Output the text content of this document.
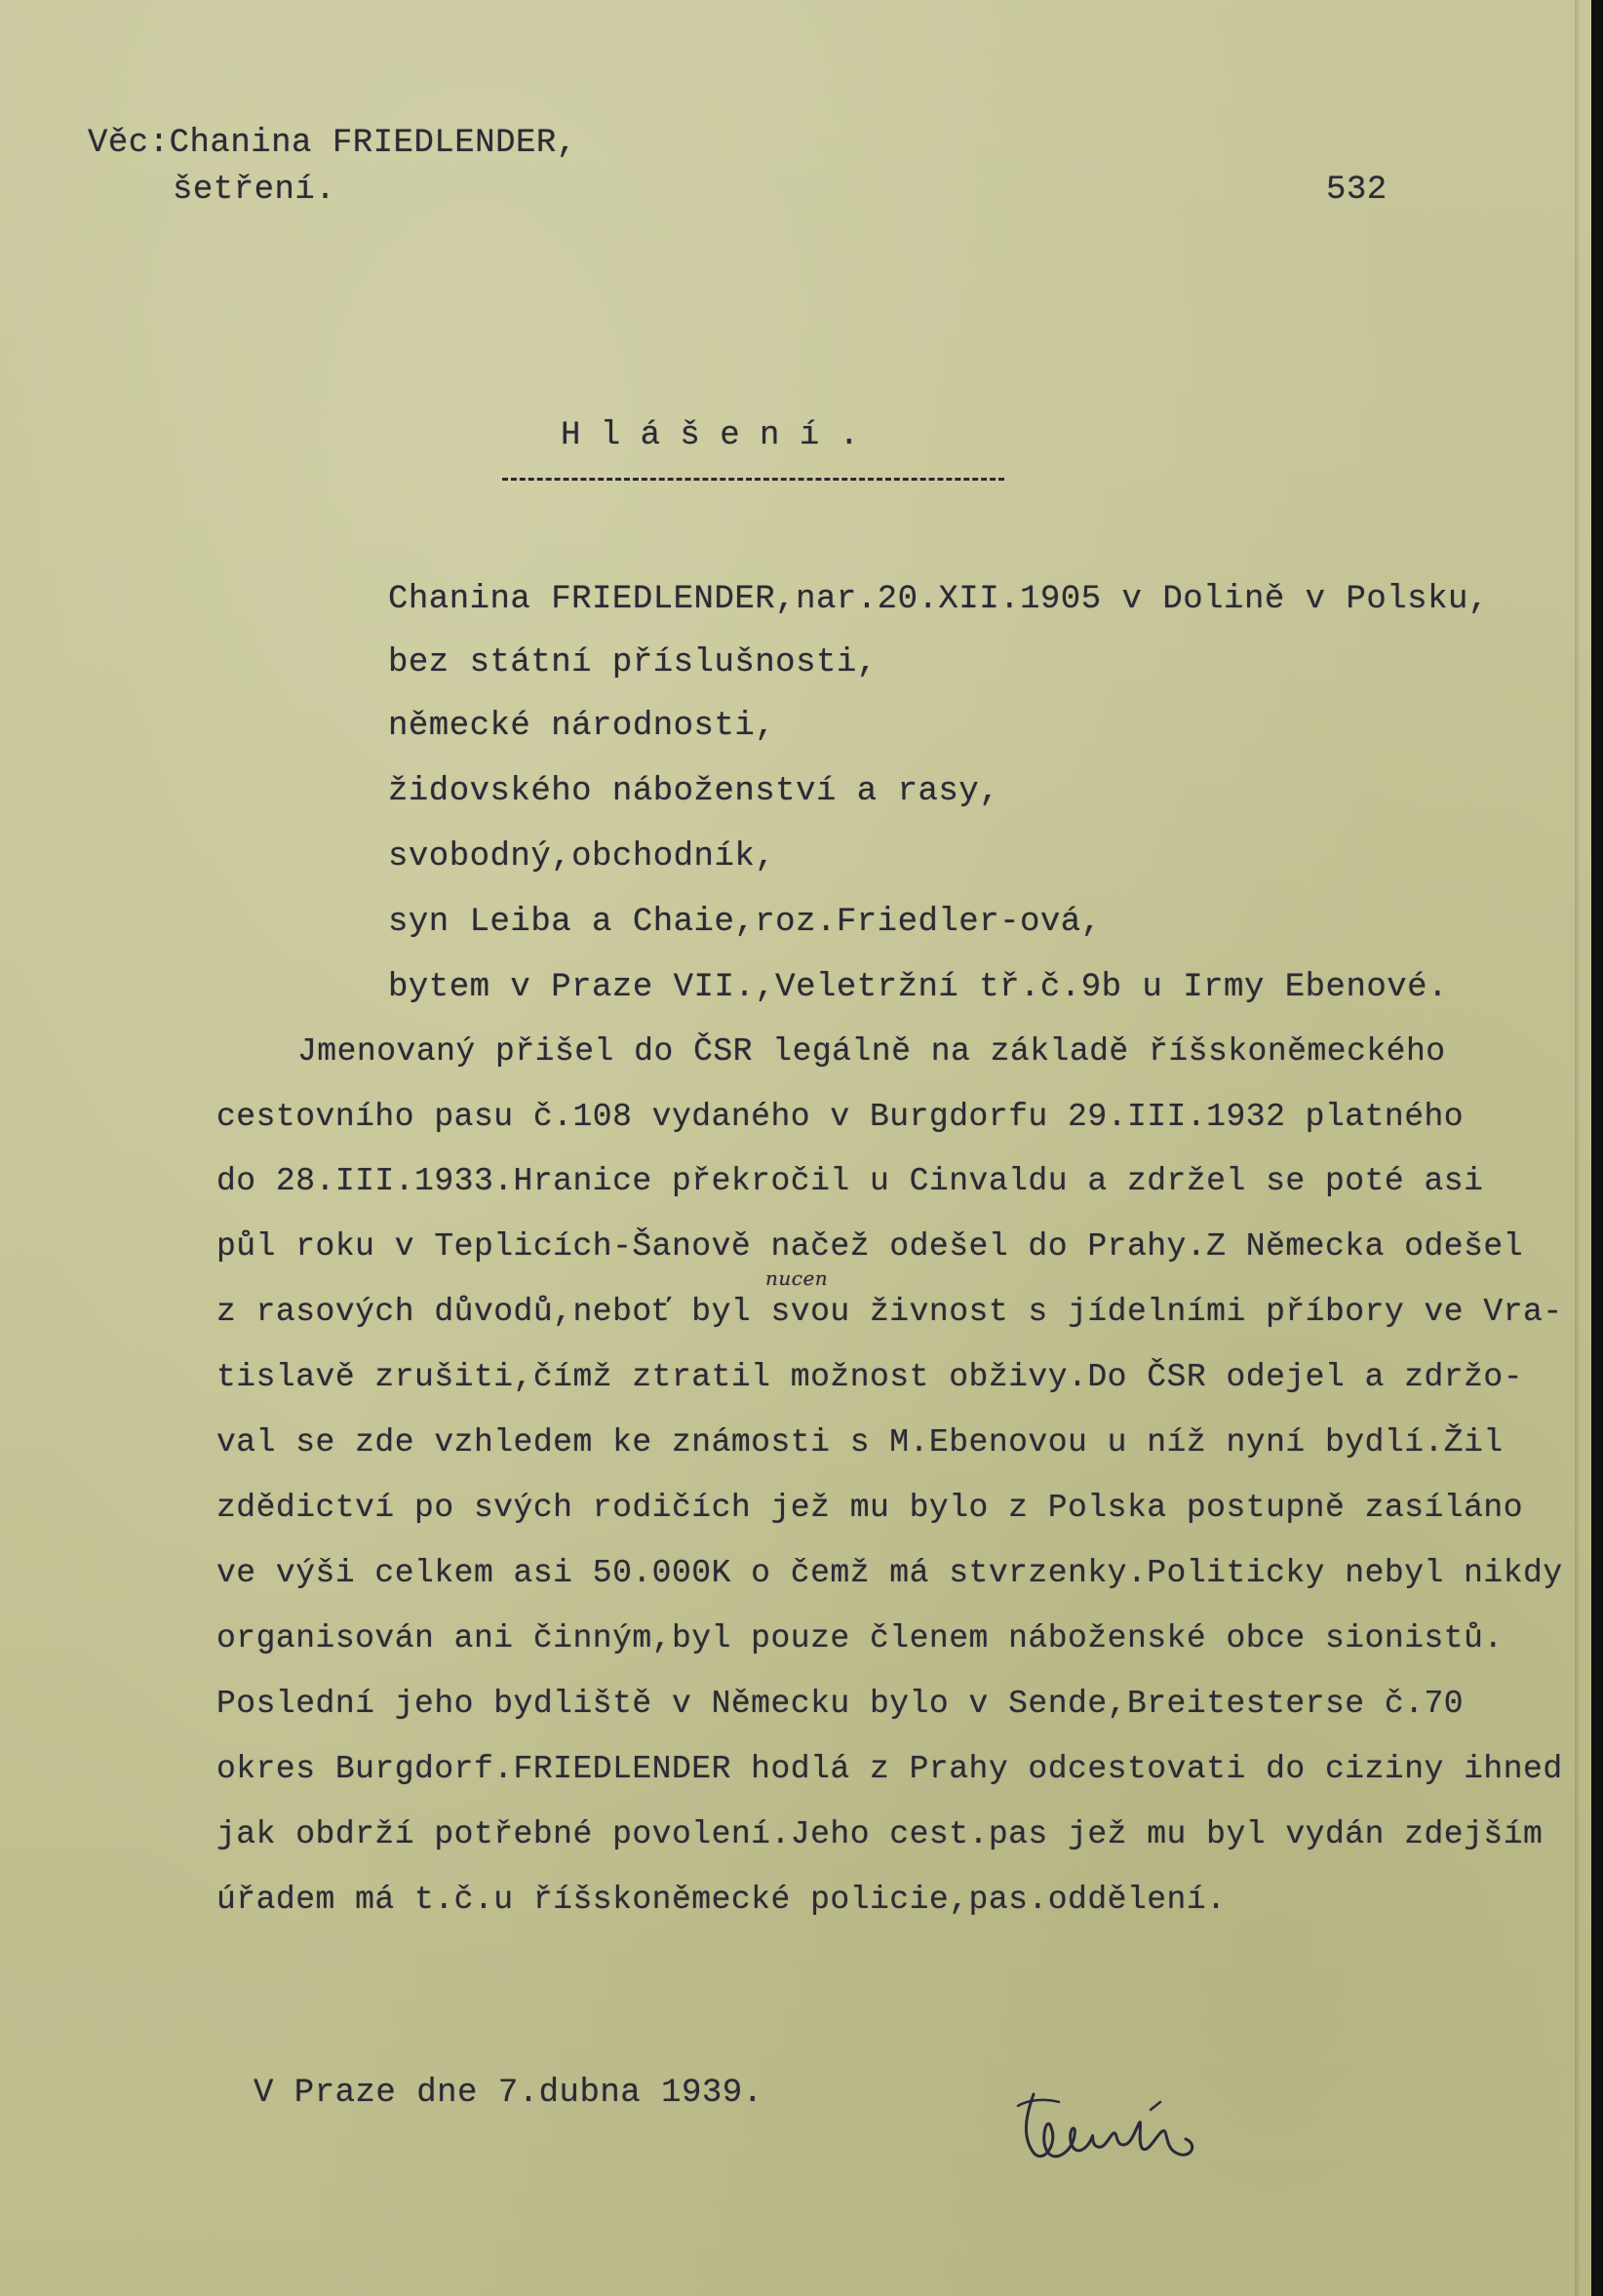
Věc:Chanina FRIEDLENDER,
šetření.	532
H l á š e n í .
Chanina FRIEDLENDER,nar.20.XII.1905 v Dolině v Polsku,
bez státní příslušnosti,
německé národnosti,
židovského náboženství a rasy,
svobodný,obchodník,
syn Leiba a Chaie,roz.Friedler-ová,
bytem v Praze VII.,Veletržní tř.č.9b u Irmy Ebenové.
Jmenovaný přišel do ČSR legálně na základě říšskoněmeckého
cestovního pasu č.108 vydaného v Burgdorfu 29.III.1932 platného
do 28.III.1933.Hranice překročil u Cinvaldu a zdržel se poté asi
půl roku v Teplicích-Šanově načež odešel do Prahy.Z Německa odešel
z rasových důvodů,neboť byl svou živnost s jídelními příbory ve Vra-
nucen
tislavě zrušiti,čímž ztratil možnost obživy.Do ČSR odejel a zdržo-
val se zde vzhledem ke známosti s M.Ebenovou u níž nyní bydlí.Žil
zdědictví po svých rodičích jež mu bylo z Polska postupně zasíláno
ve výši celkem asi 50.000K o čemž má stvrzenky.Politicky nebyl nikdy
organisován ani činným,byl pouze členem náboženské obce sionistů.
Poslední jeho bydliště v Německu bylo v Sende,Breitesterse č.70
okres Burgdorf.FRIEDLENDER hodlá z Prahy odcestovati do ciziny ihned
jak obdrží potřebné povolení.Jeho cest.pas jež mu byl vydán zdejším
úřadem má t.č.u říšskoněmecké policie,pas.oddělení.
V Praze dne 7.dubna 1939.
